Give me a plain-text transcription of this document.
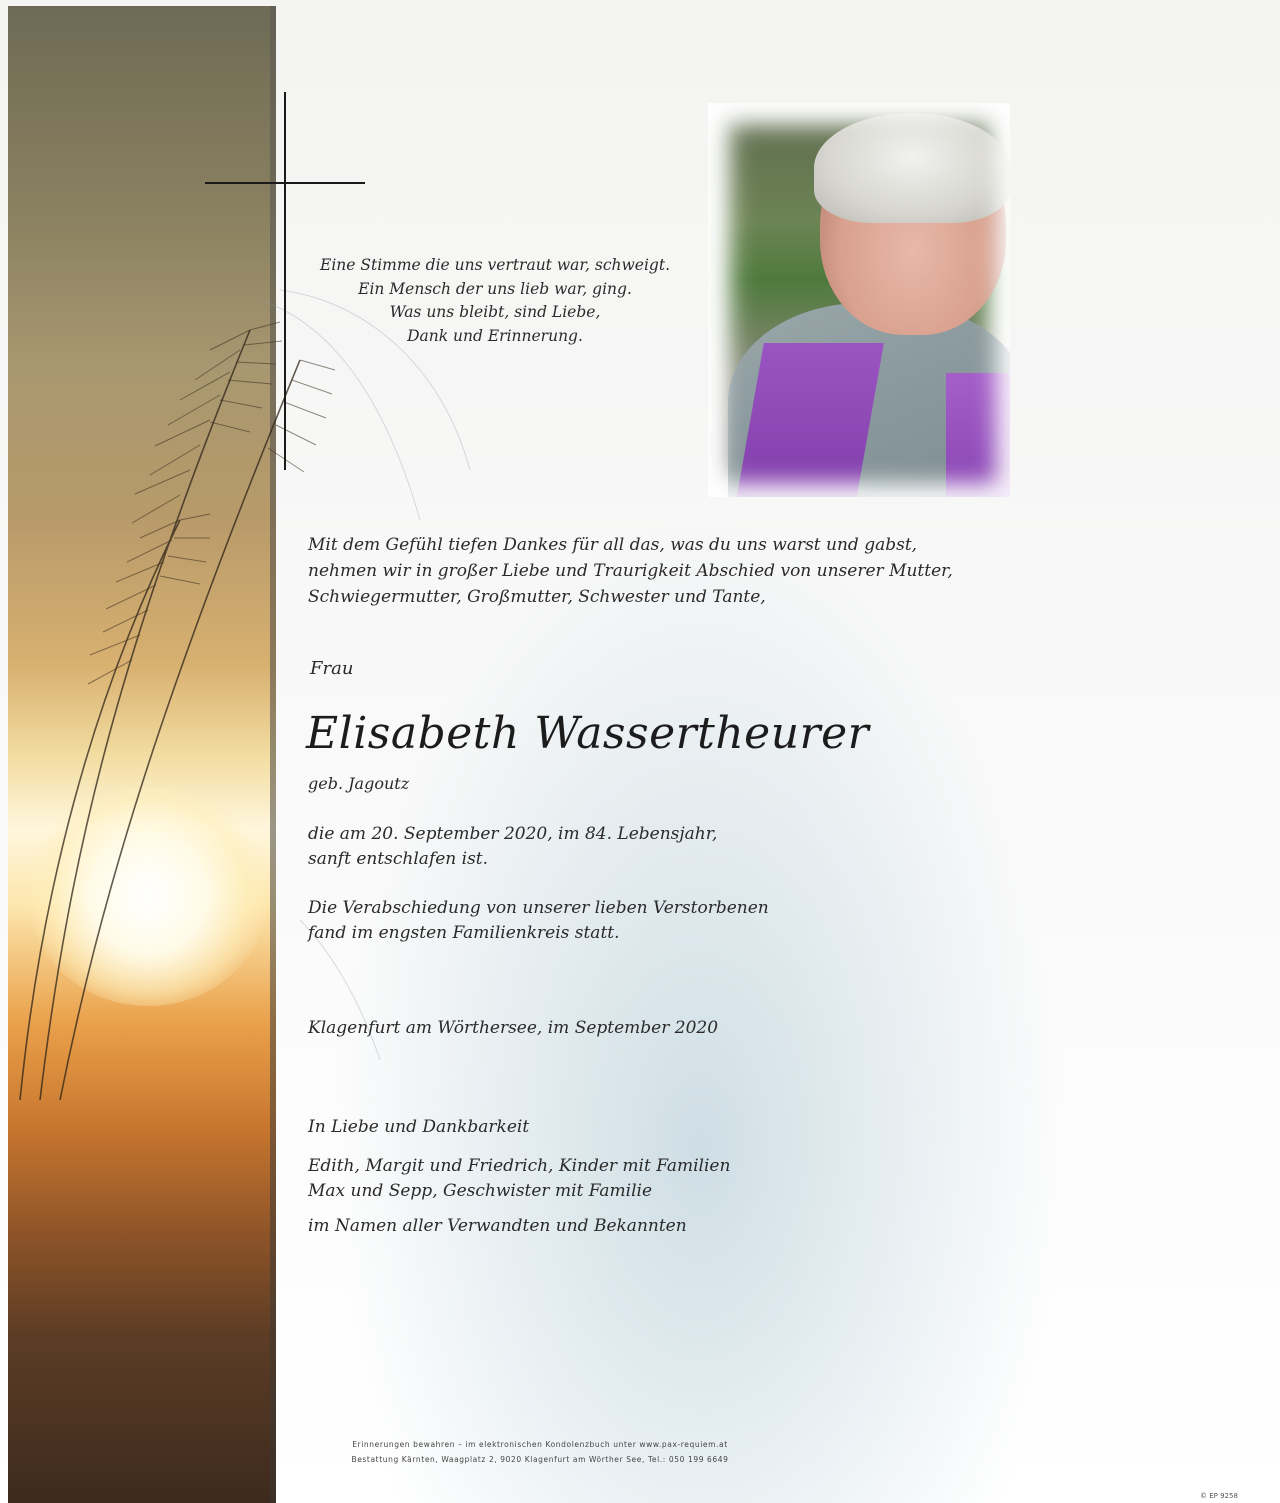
Eine Stimme die uns vertraut war, schweigt.
Ein Mensch der uns lieb war, ging.
Was uns bleibt, sind Liebe,
Dank und Erinnerung.

Mit dem Gefühl tiefen Dankes für all das, was du uns warst und gabst,
nehmen wir in großer Liebe und Traurigkeit Abschied von unserer Mutter,
Schwiegermutter, Großmutter, Schwester und Tante,

Frau

Elisabeth Wassertheurer

geb. Jagoutz

die am 20. September 2020, im 84. Lebensjahr,
sanft entschlafen ist.

Die Verabschiedung von unserer lieben Verstorbenen
fand im engsten Familienkreis statt.

Klagenfurt am Wörthersee, im September 2020

In Liebe und Dankbarkeit

Edith, Margit und Friedrich, Kinder mit Familien
Max und Sepp, Geschwister mit Familie

im Namen aller Verwandten und Bekannten

Erinnerungen bewahren – im elektronischen Kondolenzbuch unter www.pax-requiem.at

Bestattung Kärnten, Waagplatz 2, 9020 Klagenfurt am Wörther See, Tel.: 050 199 6649

© EP 9258
